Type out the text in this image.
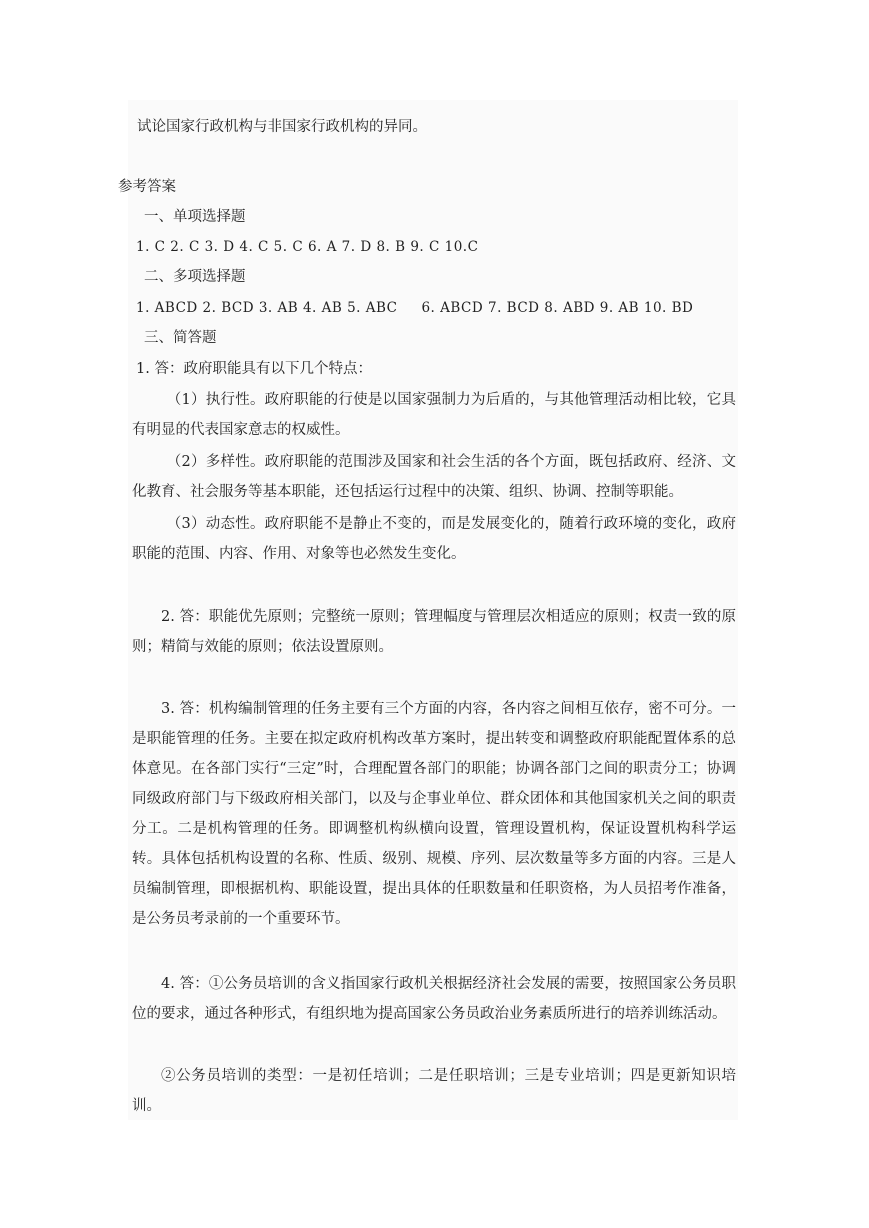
试论国家行政机构与非国家行政机构的异同。
参考答案
一、单项选择题
1. C 2. C 3. D 4. C 5. C 6. A 7. D 8. B 9. C 10.C
二、多项选择题
1. ABCD 2. BCD 3. AB 4. AB 5. ABC     6. ABCD 7. BCD 8. ABD 9. AB 10. BD
三、简答题
1. 答：政府职能具有以下几个特点：
（1）执行性。政府职能的行使是以国家强制力为后盾的，与其他管理活动相比较，它具有明显的代表国家意志的权威性。
（2）多样性。政府职能的范围涉及国家和社会生活的各个方面，既包括政府、经济、文化教育、社会服务等基本职能，还包括运行过程中的决策、组织、协调、控制等职能。
（3）动态性。政府职能不是静止不变的，而是发展变化的，随着行政环境的变化，政府职能的范围、内容、作用、对象等也必然发生变化。
2. 答：职能优先原则；完整统一原则；管理幅度与管理层次相适应的原则；权责一致的原则；精简与效能的原则；依法设置原则。
3. 答：机构编制管理的任务主要有三个方面的内容，各内容之间相互依存，密不可分。一是职能管理的任务。主要在拟定政府机构改革方案时，提出转变和调整政府职能配置体系的总体意见。在各部门实行“三定”时，合理配置各部门的职能；协调各部门之间的职责分工；协调同级政府部门与下级政府相关部门，以及与企事业单位、群众团体和其他国家机关之间的职责分工。二是机构管理的任务。即调整机构纵横向设置，管理设置机构，保证设置机构科学运转。具体包括机构设置的名称、性质、级别、规模、序列、层次数量等多方面的内容。三是人员编制管理，即根据机构、职能设置，提出具体的任职数量和任职资格，为人员招考作准备，是公务员考录前的一个重要环节。
4. 答：①公务员培训的含义指国家行政机关根据经济社会发展的需要，按照国家公务员职位的要求，通过各种形式，有组织地为提高国家公务员政治业务素质所进行的培养训练活动。
②公务员培训的类型：一是初任培训；二是任职培训；三是专业培训；四是更新知识培训。
